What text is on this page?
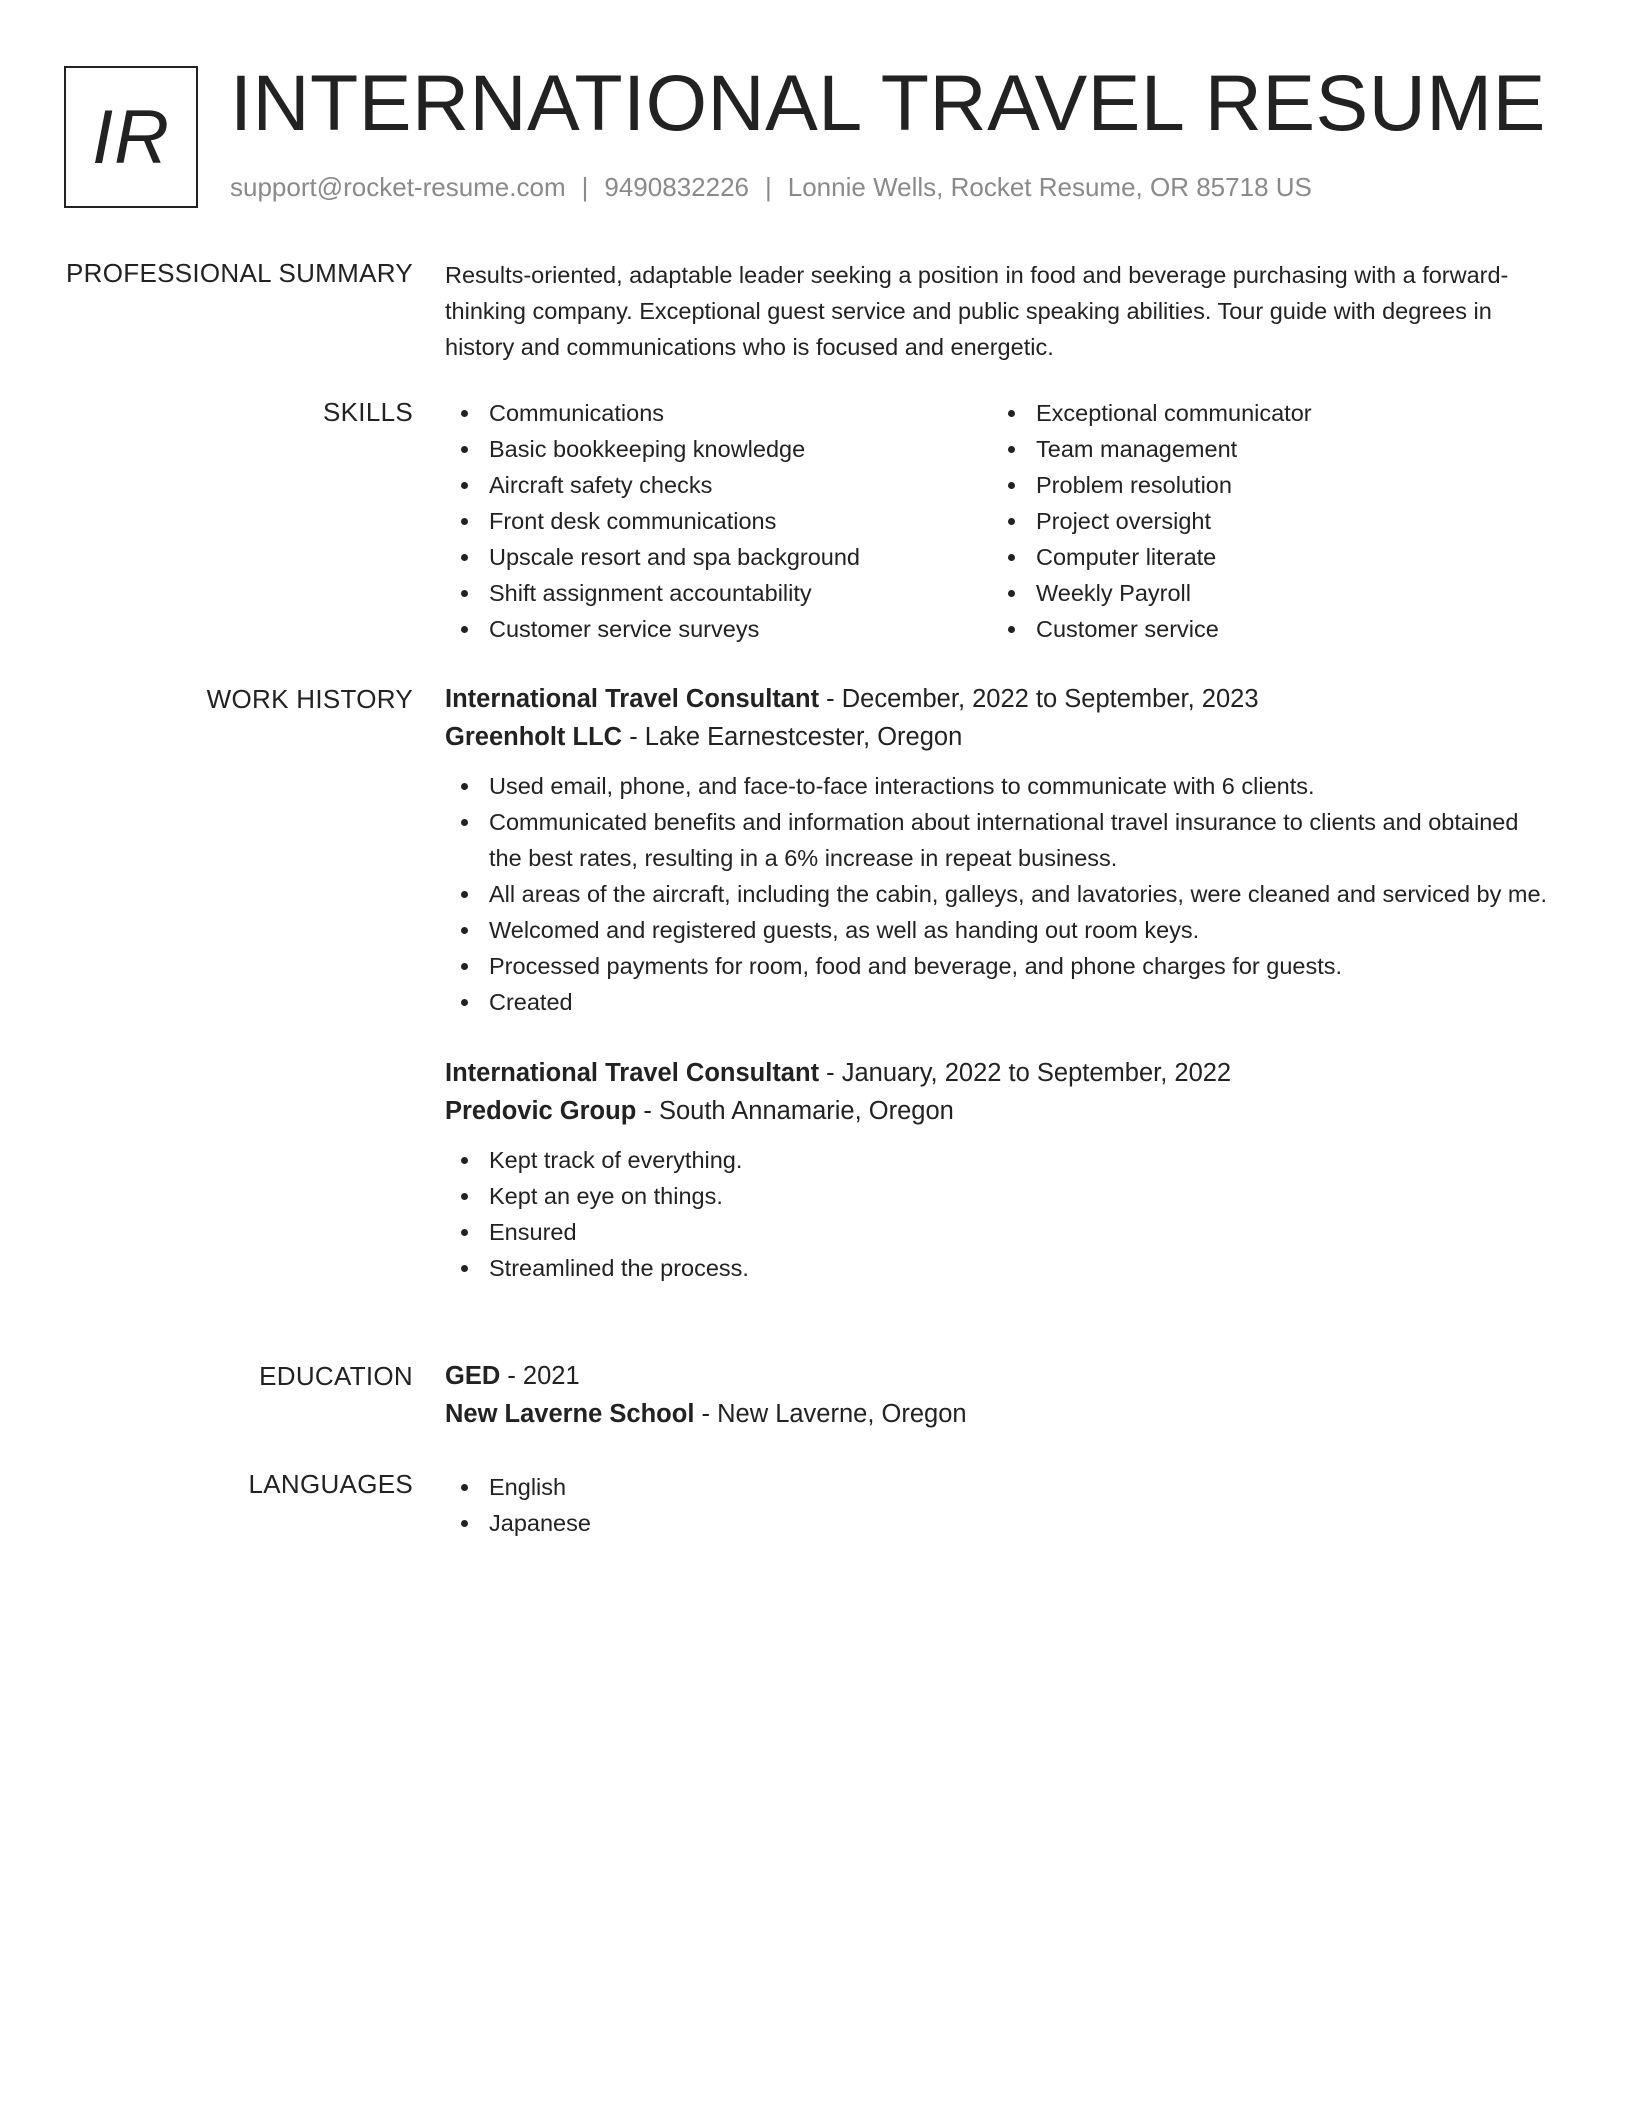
IR INTERNATIONAL TRAVEL RESUME
support@rocket-resume.com | 9490832226 | Lonnie Wells, Rocket Resume, OR 85718 US
PROFESSIONAL SUMMARY Results-oriented, adaptable leader seeking a position in food and beverage purchasing with a forward-thinking company. Exceptional guest service and public speaking abilities. Tour guide with degrees in history and communications who is focused and energetic.

SKILLS	Communications
Basic bookkeeping knowledge
Aircraft safety checks
Front desk communications
Upscale resort and spa background
Shift assignment accountability
Customer service surveys
Exceptional communicator
Team management
Problem resolution
Project oversight
Computer literate
Weekly Payroll
Customer service
WORK HISTORY International Travel Consultant - December, 2022 to September, 2023
Greenholt LLC - Lake Earnestcester, Oregon
Used email, phone, and face-to-face interactions to communicate with 6 clients.
Communicated benefits and information about international travel insurance to clients and obtained the best rates, resulting in a 6% increase in repeat business.
All areas of the aircraft, including the cabin, galleys, and lavatories, were cleaned and serviced by me.
Welcomed and registered guests, as well as handing out room keys.
Processed payments for room, food and beverage, and phone charges for guests.
Created
International Travel Consultant - January, 2022 to September, 2022
Predovic Group - South Annamarie, Oregon
Kept track of everything.
Kept an eye on things.
Ensured
Streamlined the process.
EDUCATION GED - 2021
New Laverne School - New Laverne, Oregon
LANGUAGES	English
Japanese
